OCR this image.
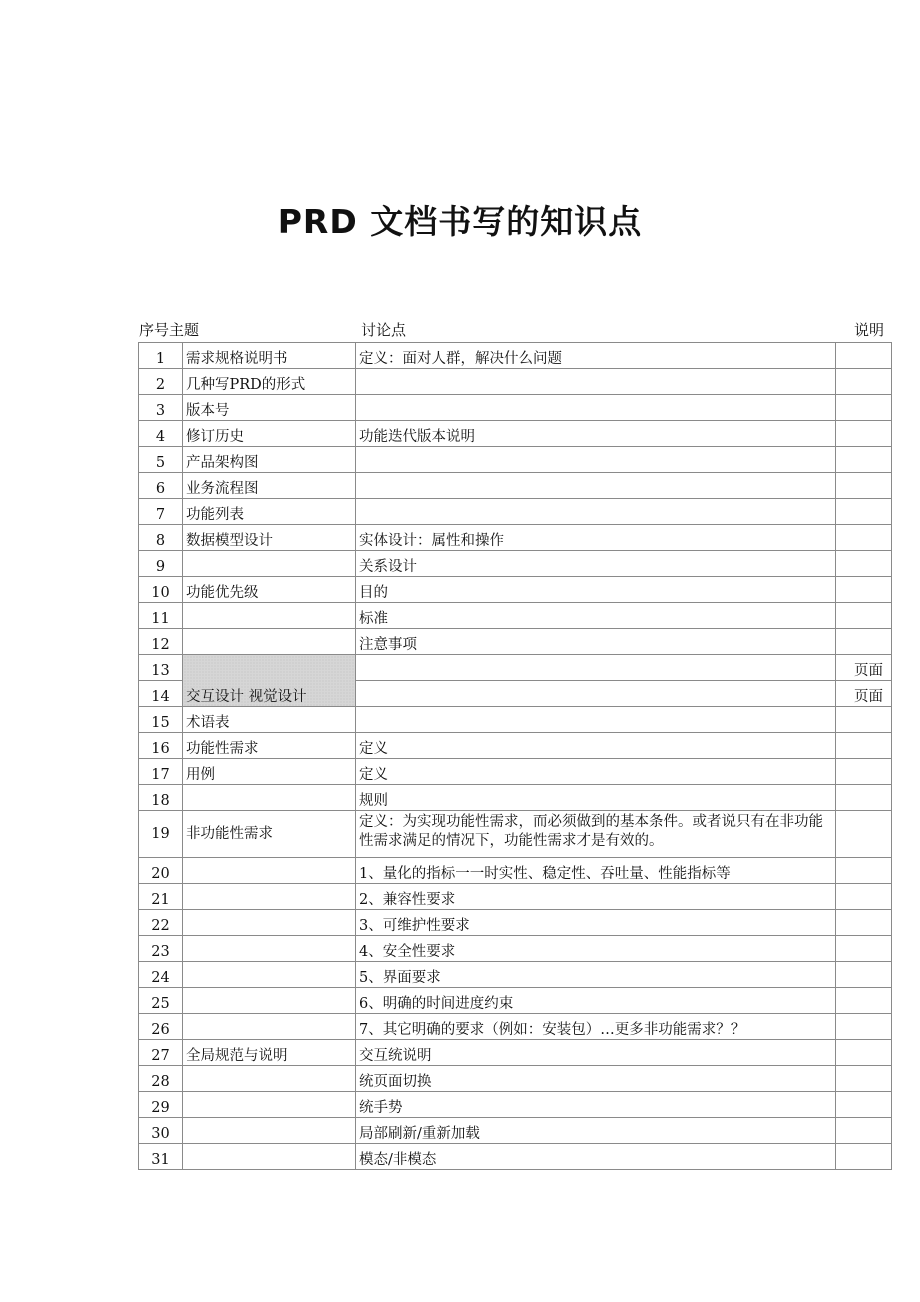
PRD 文档书写的知识点
序号主题	讨论点	说明
1	需求规格说明书	定义：面对人群，解决什么问题	
2	几种写PRD的形式		
3	版本号		
4	修订历史	功能迭代版本说明	
5	产品架构图		
6	业务流程图		
7	功能列表		
8	数据模型设计	实体设计：属性和操作	
9		关系设计	
10	功能优先级	目的	
11		标准	
12		注意事项	
13	交互设计 视觉设计		页面
14			页面
15	术语表		
16	功能性需求	定义	
17	用例	定义	
18		规则	
19	非功能性需求	定义：为实现功能性需求，而必须做到的基本条件。或者说只有在非功能性需求满足的情况下，功能性需求才是有效的。	
20		1、量化的指标一一时实性、稳定性、吞吐量、性能指标等	
21		2、兼容性要求	
22		3、可维护性要求	
23		4、安全性要求	
24		5、界面要求	
25		6、明确的时间进度约束	
26		7、其它明确的要求（例如：安装包）…更多非功能需求？？	
27	全局规范与说明	交互统说明	
28		统页面切换	
29		统手势	
30		局部刷新/重新加载	
31		模态/非模态	
